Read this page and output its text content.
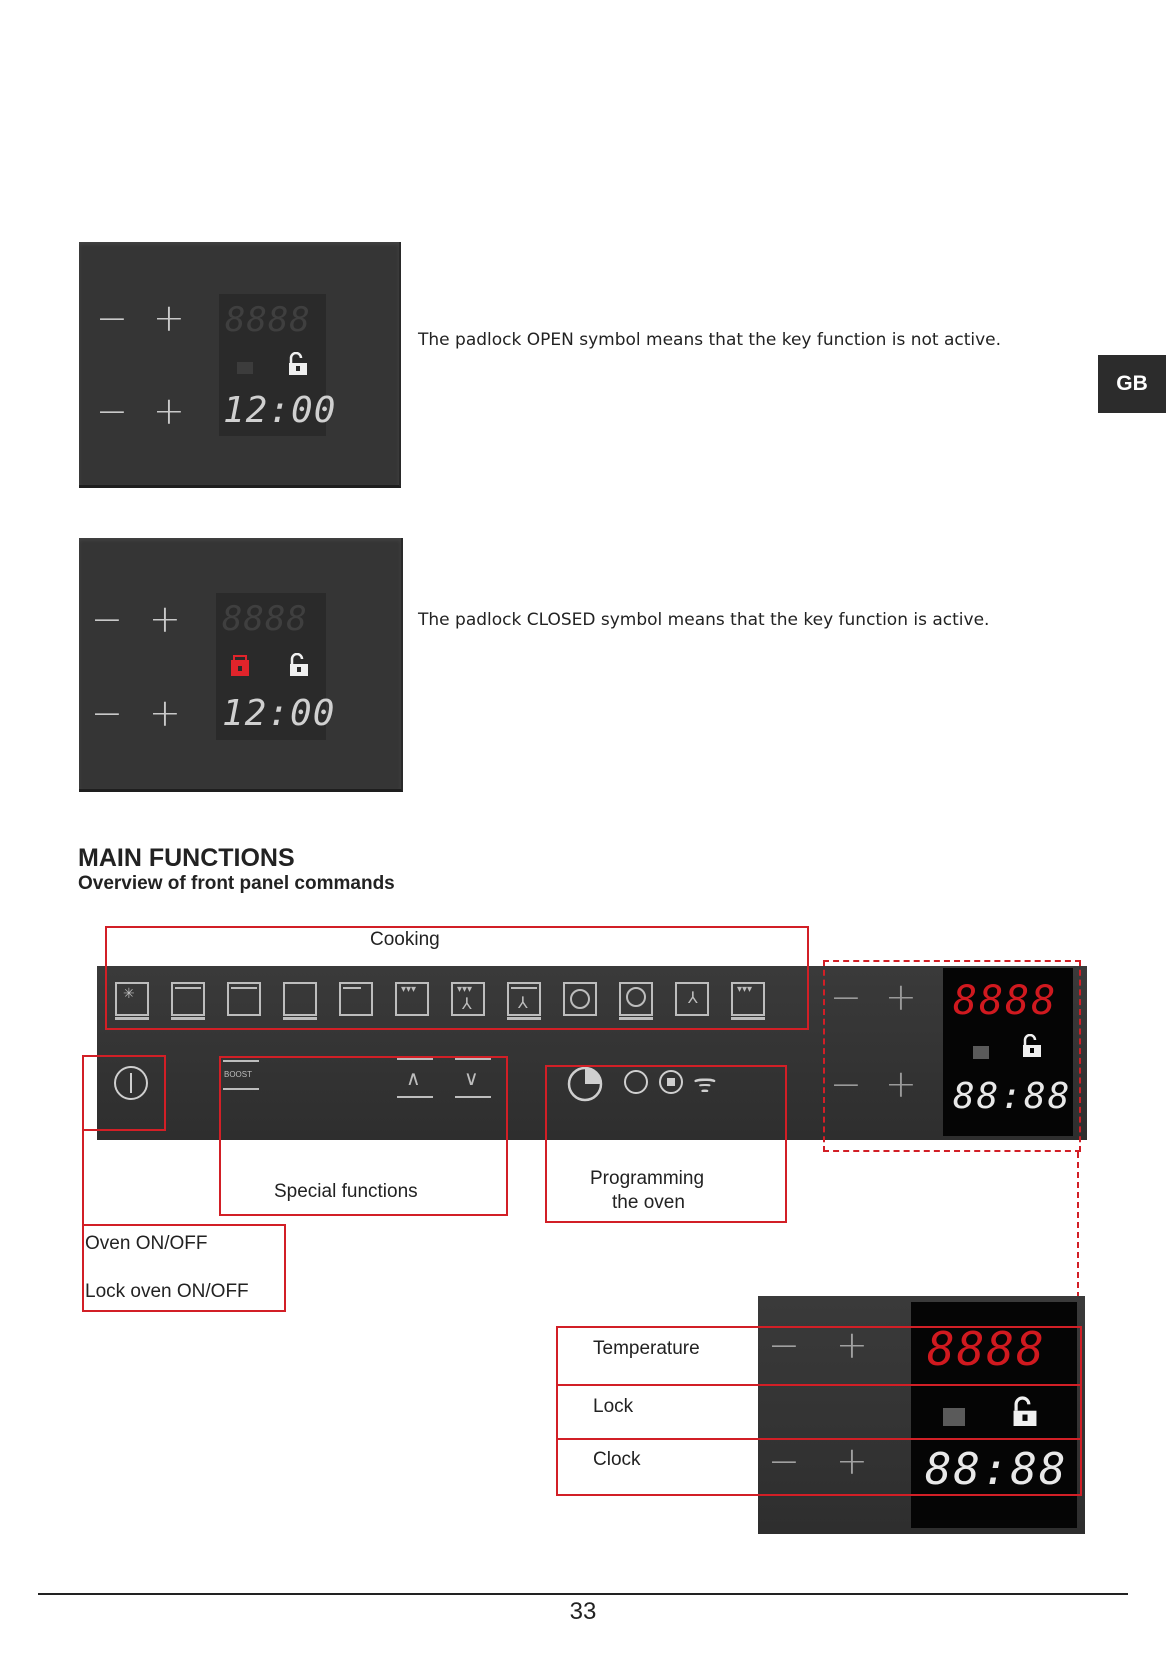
GB
− +
− +
8888
12:00
The padlock OPEN symbol means that the key function is not active.
− +
− +
8888
12:00
The padlock CLOSED symbol means that the key function is active.
MAIN FUNCTIONS
Overview of front panel commands
✳	▾▾▾	▾▾▾
⅄	⅄	⅄	▾▾▾ − +
− +
8888
88:88
BOOST	∧ ∨	ᯤ
Cooking
Oven ON/OFF
Lock oven ON/OFF
Special functions
Programming
the oven
− +
− +
8888
88:88
Temperature
Lock
Clock
33
